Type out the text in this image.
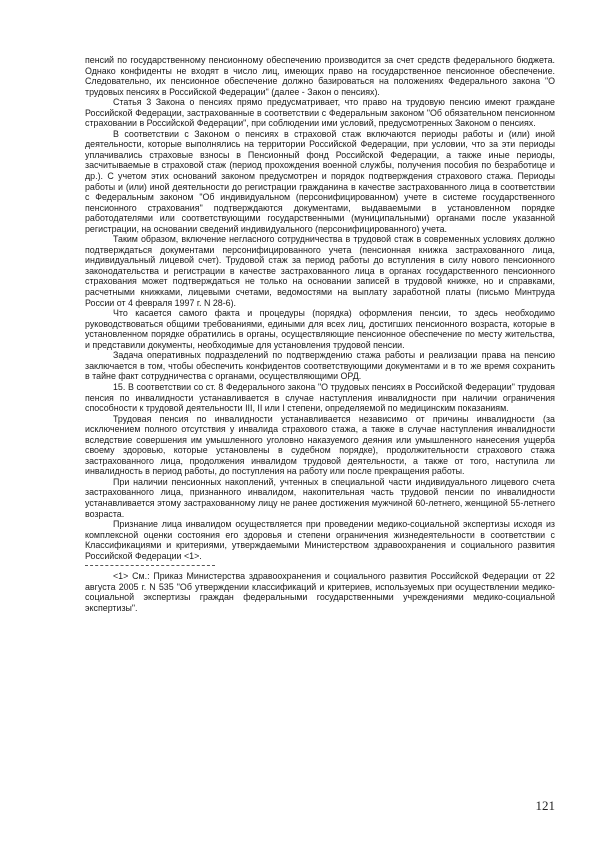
пенсий по государственному пенсионному обеспечению производится за счет средств федерального бюджета. Однако конфиденты не входят в число лиц, имеющих право на государственное пенсионное обеспечение. Следовательно, их пенсионное обеспечение должно базироваться на положениях Федерального закона "О трудовых пенсиях в Российской Федерации" (далее - Закон о пенсиях).

Статья 3 Закона о пенсиях прямо предусматривает, что право на трудовую пенсию имеют граждане Российской Федерации, застрахованные в соответствии с Федеральным законом "Об обязательном пенсионном страховании в Российской Федерации", при соблюдении ими условий, предусмотренных Законом о пенсиях.

В соответствии с Законом о пенсиях в страховой стаж включаются периоды работы и (или) иной деятельности, которые выполнялись на территории Российской Федерации, при условии, что за эти периоды уплачивались страховые взносы в Пенсионный фонд Российской Федерации, а также иные периоды, засчитываемые в страховой стаж (период прохождения военной службы, получения пособия по безработице и др.). С учетом этих оснований законом предусмотрен и порядок подтверждения страхового стажа. Периоды работы и (или) иной деятельности до регистрации гражданина в качестве застрахованного лица в соответствии с Федеральным законом "Об индивидуальном (персонифицированном) учете в системе государственного пенсионного страхования" подтверждаются документами, выдаваемыми в установленном порядке работодателями или соответствующими государственными (муниципальными) органами после указанной регистрации, на основании сведений индивидуального (персонифицированного) учета.

Таким образом, включение негласного сотрудничества в трудовой стаж в современных условиях должно подтверждаться документами персонифицированного учета (пенсионная книжка застрахованного лица, индивидуальный лицевой счет). Трудовой стаж за период работы до вступления в силу нового пенсионного законодательства и регистрации в качестве застрахованного лица в органах государственного пенсионного страхования может подтверждаться не только на основании записей в трудовой книжке, но и справками, расчетными книжками, лицевыми счетами, ведомостями на выплату заработной платы (письмо Минтруда России от 4 февраля 1997 г. N 28-6).

Что касается самого факта и процедуры (порядка) оформления пенсии, то здесь необходимо руководствоваться общими требованиями, едиными для всех лиц, достигших пенсионного возраста, которые в установленном порядке обратились в органы, осуществляющие пенсионное обеспечение по месту жительства, и представили документы, необходимые для установления трудовой пенсии.

Задача оперативных подразделений по подтверждению стажа работы и реализации права на пенсию заключается в том, чтобы обеспечить конфидентов соответствующими документами и в то же время сохранить в тайне факт сотрудничества с органами, осуществляющими ОРД.

15. В соответствии со ст. 8 Федерального закона "О трудовых пенсиях в Российской Федерации" трудовая пенсия по инвалидности устанавливается в случае наступления инвалидности при наличии ограничения способности к трудовой деятельности III, II или I степени, определяемой по медицинским показаниям.

Трудовая пенсия по инвалидности устанавливается независимо от причины инвалидности (за исключением полного отсутствия у инвалида страхового стажа, а также в случае наступления инвалидности вследствие совершения им умышленного уголовно наказуемого деяния или умышленного нанесения ущерба своему здоровью, которые установлены в судебном порядке), продолжительности страхового стажа застрахованного лица, продолжения инвалидом трудовой деятельности, а также от того, наступила ли инвалидность в период работы, до поступления на работу или после прекращения работы.

При наличии пенсионных накоплений, учтенных в специальной части индивидуального лицевого счета застрахованного лица, признанного инвалидом, накопительная часть трудовой пенсии по инвалидности устанавливается этому застрахованному лицу не ранее достижения мужчиной 60-летнего, женщиной 55-летнего возраста.

Признание лица инвалидом осуществляется при проведении медико-социальной экспертизы исходя из комплексной оценки состояния его здоровья и степени ограничения жизнедеятельности в соответствии с Классификациями и критериями, утверждаемыми Министерством здравоохранения и социального развития Российской Федерации <1>.

<1> См.: Приказ Министерства здравоохранения и социального развития Российской Федерации от 22 августа 2005 г. N 535 "Об утверждении классификаций и критериев, используемых при осуществлении медико-социальной экспертизы граждан федеральными государственными учреждениями медико-социальной экспертизы".

121
